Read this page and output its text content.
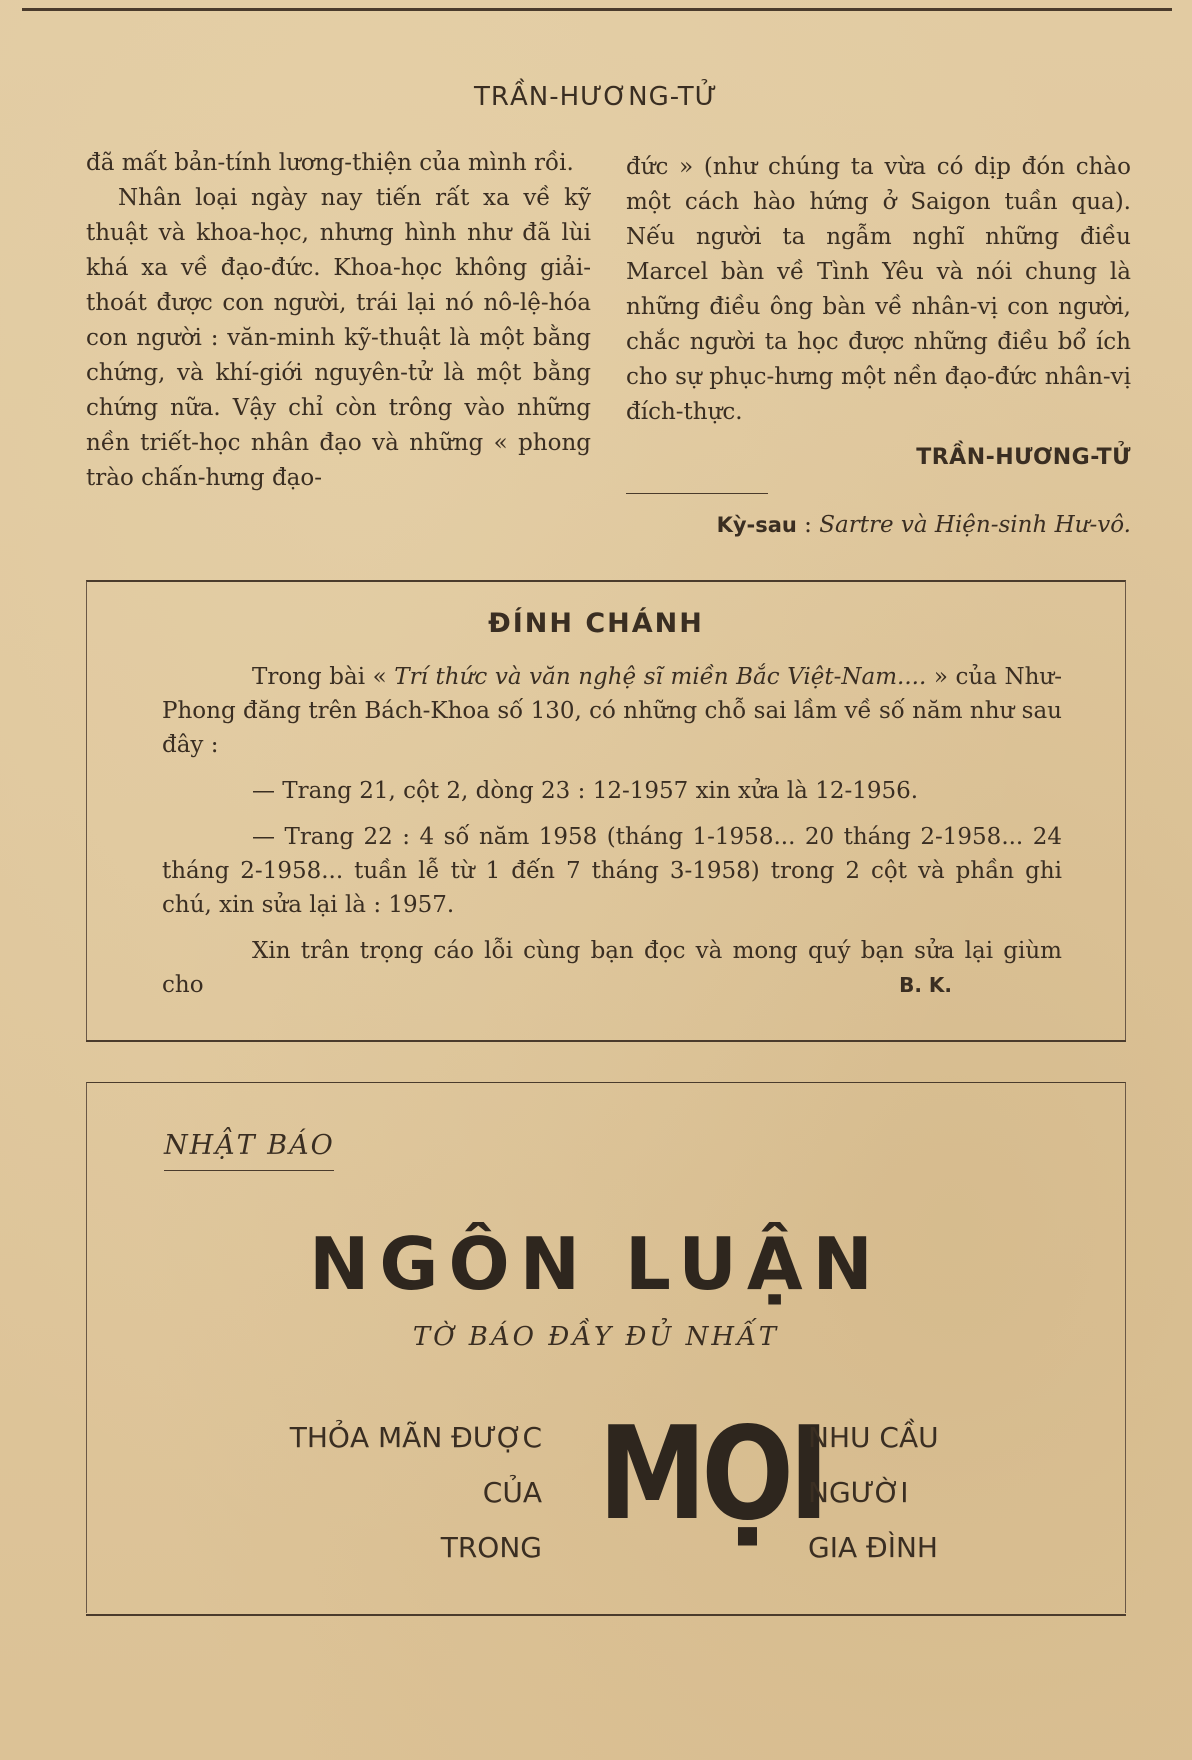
TRẦN-HƯƠNG-TỬ

đã mất bản-tính lương-thiện của mình rồi.

Nhân loại ngày nay tiến rất xa về kỹ thuật và khoa-học, nhưng hình như đã lùi khá xa về đạo-đức. Khoa-học không giải-thoát được con người, trái lại nó nô-lệ-hóa con người : văn-minh kỹ-thuật là một bằng chứng, và khí-giới nguyên-tử là một bằng chứng nữa. Vậy chỉ còn trông vào những nền triết-học nhân đạo và những « phong trào chấn-hưng đạo-

đức » (như chúng ta vừa có dịp đón chào một cách hào hứng ở Saigon tuần qua). Nếu người ta ngẫm nghĩ những điều Marcel bàn về Tình Yêu và nói chung là những điều ông bàn về nhân-vị con người, chắc người ta học được những điều bổ ích cho sự phục-hưng một nền đạo-đức nhân-vị đích-thực.

TRẦN-HƯƠNG-TỬ

Kỳ-sau : Sartre và Hiện-sinh Hư-vô.

ĐÍNH CHÁNH

Trong bài « Trí thức và văn nghệ sĩ miền Bắc Việt-Nam.... » của Như-Phong đăng trên Bách-Khoa số 130, có những chỗ sai lầm về số năm như sau đây :

— Trang 21, cột 2, dòng 23 : 12-1957 xin xửa là 12-1956.

— Trang 22 : 4 số năm 1958 (tháng 1-1958... 20 tháng 2-1958... 24 tháng 2-1958... tuần lễ từ 1 đến 7 tháng 3-1958) trong 2 cột và phần ghi chú, xin sửa lại là : 1957.

Xin trân trọng cáo lỗi cùng bạn đọc và mong quý bạn sửa lại giùm cho	B. K.

NHẬT BÁO
NGÔN LUẬN
TỜ BÁO ĐẦY ĐỦ NHẤT
THỎA MÃN ĐƯỢC
CỦA
TRONG MỌI
NHU CẦU
NGƯỜI
GIA ĐÌNH
